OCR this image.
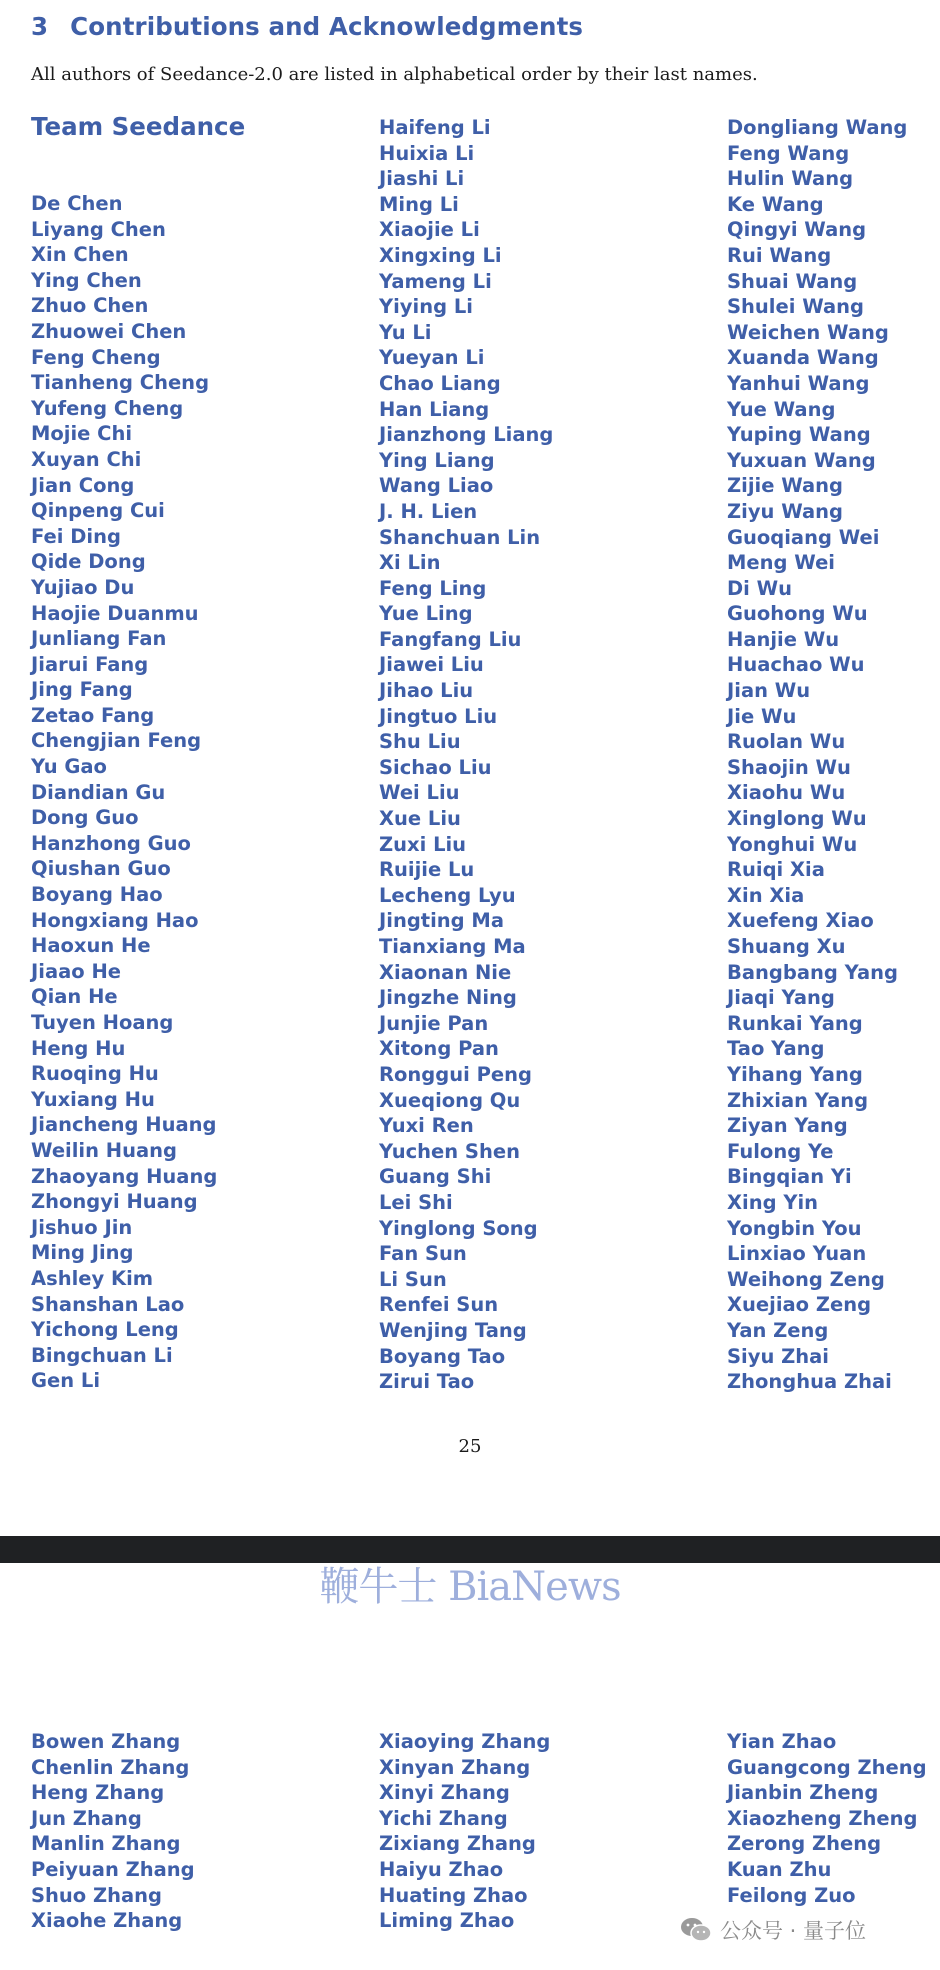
3 Contributions and Acknowledgments
All authors of Seedance-2.0 are listed in alphabetical order by their last names.
Team Seedance
De Chen
Liyang Chen
Xin Chen
Ying Chen
Zhuo Chen
Zhuowei Chen
Feng Cheng
Tianheng Cheng
Yufeng Cheng
Mojie Chi
Xuyan Chi
Jian Cong
Qinpeng Cui
Fei Ding
Qide Dong
Yujiao Du
Haojie Duanmu
Junliang Fan
Jiarui Fang
Jing Fang
Zetao Fang
Chengjian Feng
Yu Gao
Diandian Gu
Dong Guo
Hanzhong Guo
Qiushan Guo
Boyang Hao
Hongxiang Hao
Haoxun He
Jiaao He
Qian He
Tuyen Hoang
Heng Hu
Ruoqing Hu
Yuxiang Hu
Jiancheng Huang
Weilin Huang
Zhaoyang Huang
Zhongyi Huang
Jishuo Jin
Ming Jing
Ashley Kim
Shanshan Lao
Yichong Leng
Bingchuan Li
Gen Li
Haifeng Li
Huixia Li
Jiashi Li
Ming Li
Xiaojie Li
Xingxing Li
Yameng Li
Yiying Li
Yu Li
Yueyan Li
Chao Liang
Han Liang
Jianzhong Liang
Ying Liang
Wang Liao
J. H. Lien
Shanchuan Lin
Xi Lin
Feng Ling
Yue Ling
Fangfang Liu
Jiawei Liu
Jihao Liu
Jingtuo Liu
Shu Liu
Sichao Liu
Wei Liu
Xue Liu
Zuxi Liu
Ruijie Lu
Lecheng Lyu
Jingting Ma
Tianxiang Ma
Xiaonan Nie
Jingzhe Ning
Junjie Pan
Xitong Pan
Ronggui Peng
Xueqiong Qu
Yuxi Ren
Yuchen Shen
Guang Shi
Lei Shi
Yinglong Song
Fan Sun
Li Sun
Renfei Sun
Wenjing Tang
Boyang Tao
Zirui Tao
Dongliang Wang
Feng Wang
Hulin Wang
Ke Wang
Qingyi Wang
Rui Wang
Shuai Wang
Shulei Wang
Weichen Wang
Xuanda Wang
Yanhui Wang
Yue Wang
Yuping Wang
Yuxuan Wang
Zijie Wang
Ziyu Wang
Guoqiang Wei
Meng Wei
Di Wu
Guohong Wu
Hanjie Wu
Huachao Wu
Jian Wu
Jie Wu
Ruolan Wu
Shaojin Wu
Xiaohu Wu
Xinglong Wu
Yonghui Wu
Ruiqi Xia
Xin Xia
Xuefeng Xiao
Shuang Xu
Bangbang Yang
Jiaqi Yang
Runkai Yang
Tao Yang
Yihang Yang
Zhixian Yang
Ziyan Yang
Fulong Ye
Bingqian Yi
Xing Yin
Yongbin You
Linxiao Yuan
Weihong Zeng
Xuejiao Zeng
Yan Zeng
Siyu Zhai
Zhonghua Zhai
25
鞭牛士 BiaNews
Bowen Zhang
Chenlin Zhang
Heng Zhang
Jun Zhang
Manlin Zhang
Peiyuan Zhang
Shuo Zhang
Xiaohe Zhang
Xiaoying Zhang
Xinyan Zhang
Xinyi Zhang
Yichi Zhang
Zixiang Zhang
Haiyu Zhao
Huating Zhao
Liming Zhao
Yian Zhao
Guangcong Zheng
Jianbin Zheng
Xiaozheng Zheng
Zerong Zheng
Kuan Zhu
Feilong Zuo
公众号 · 量子位
